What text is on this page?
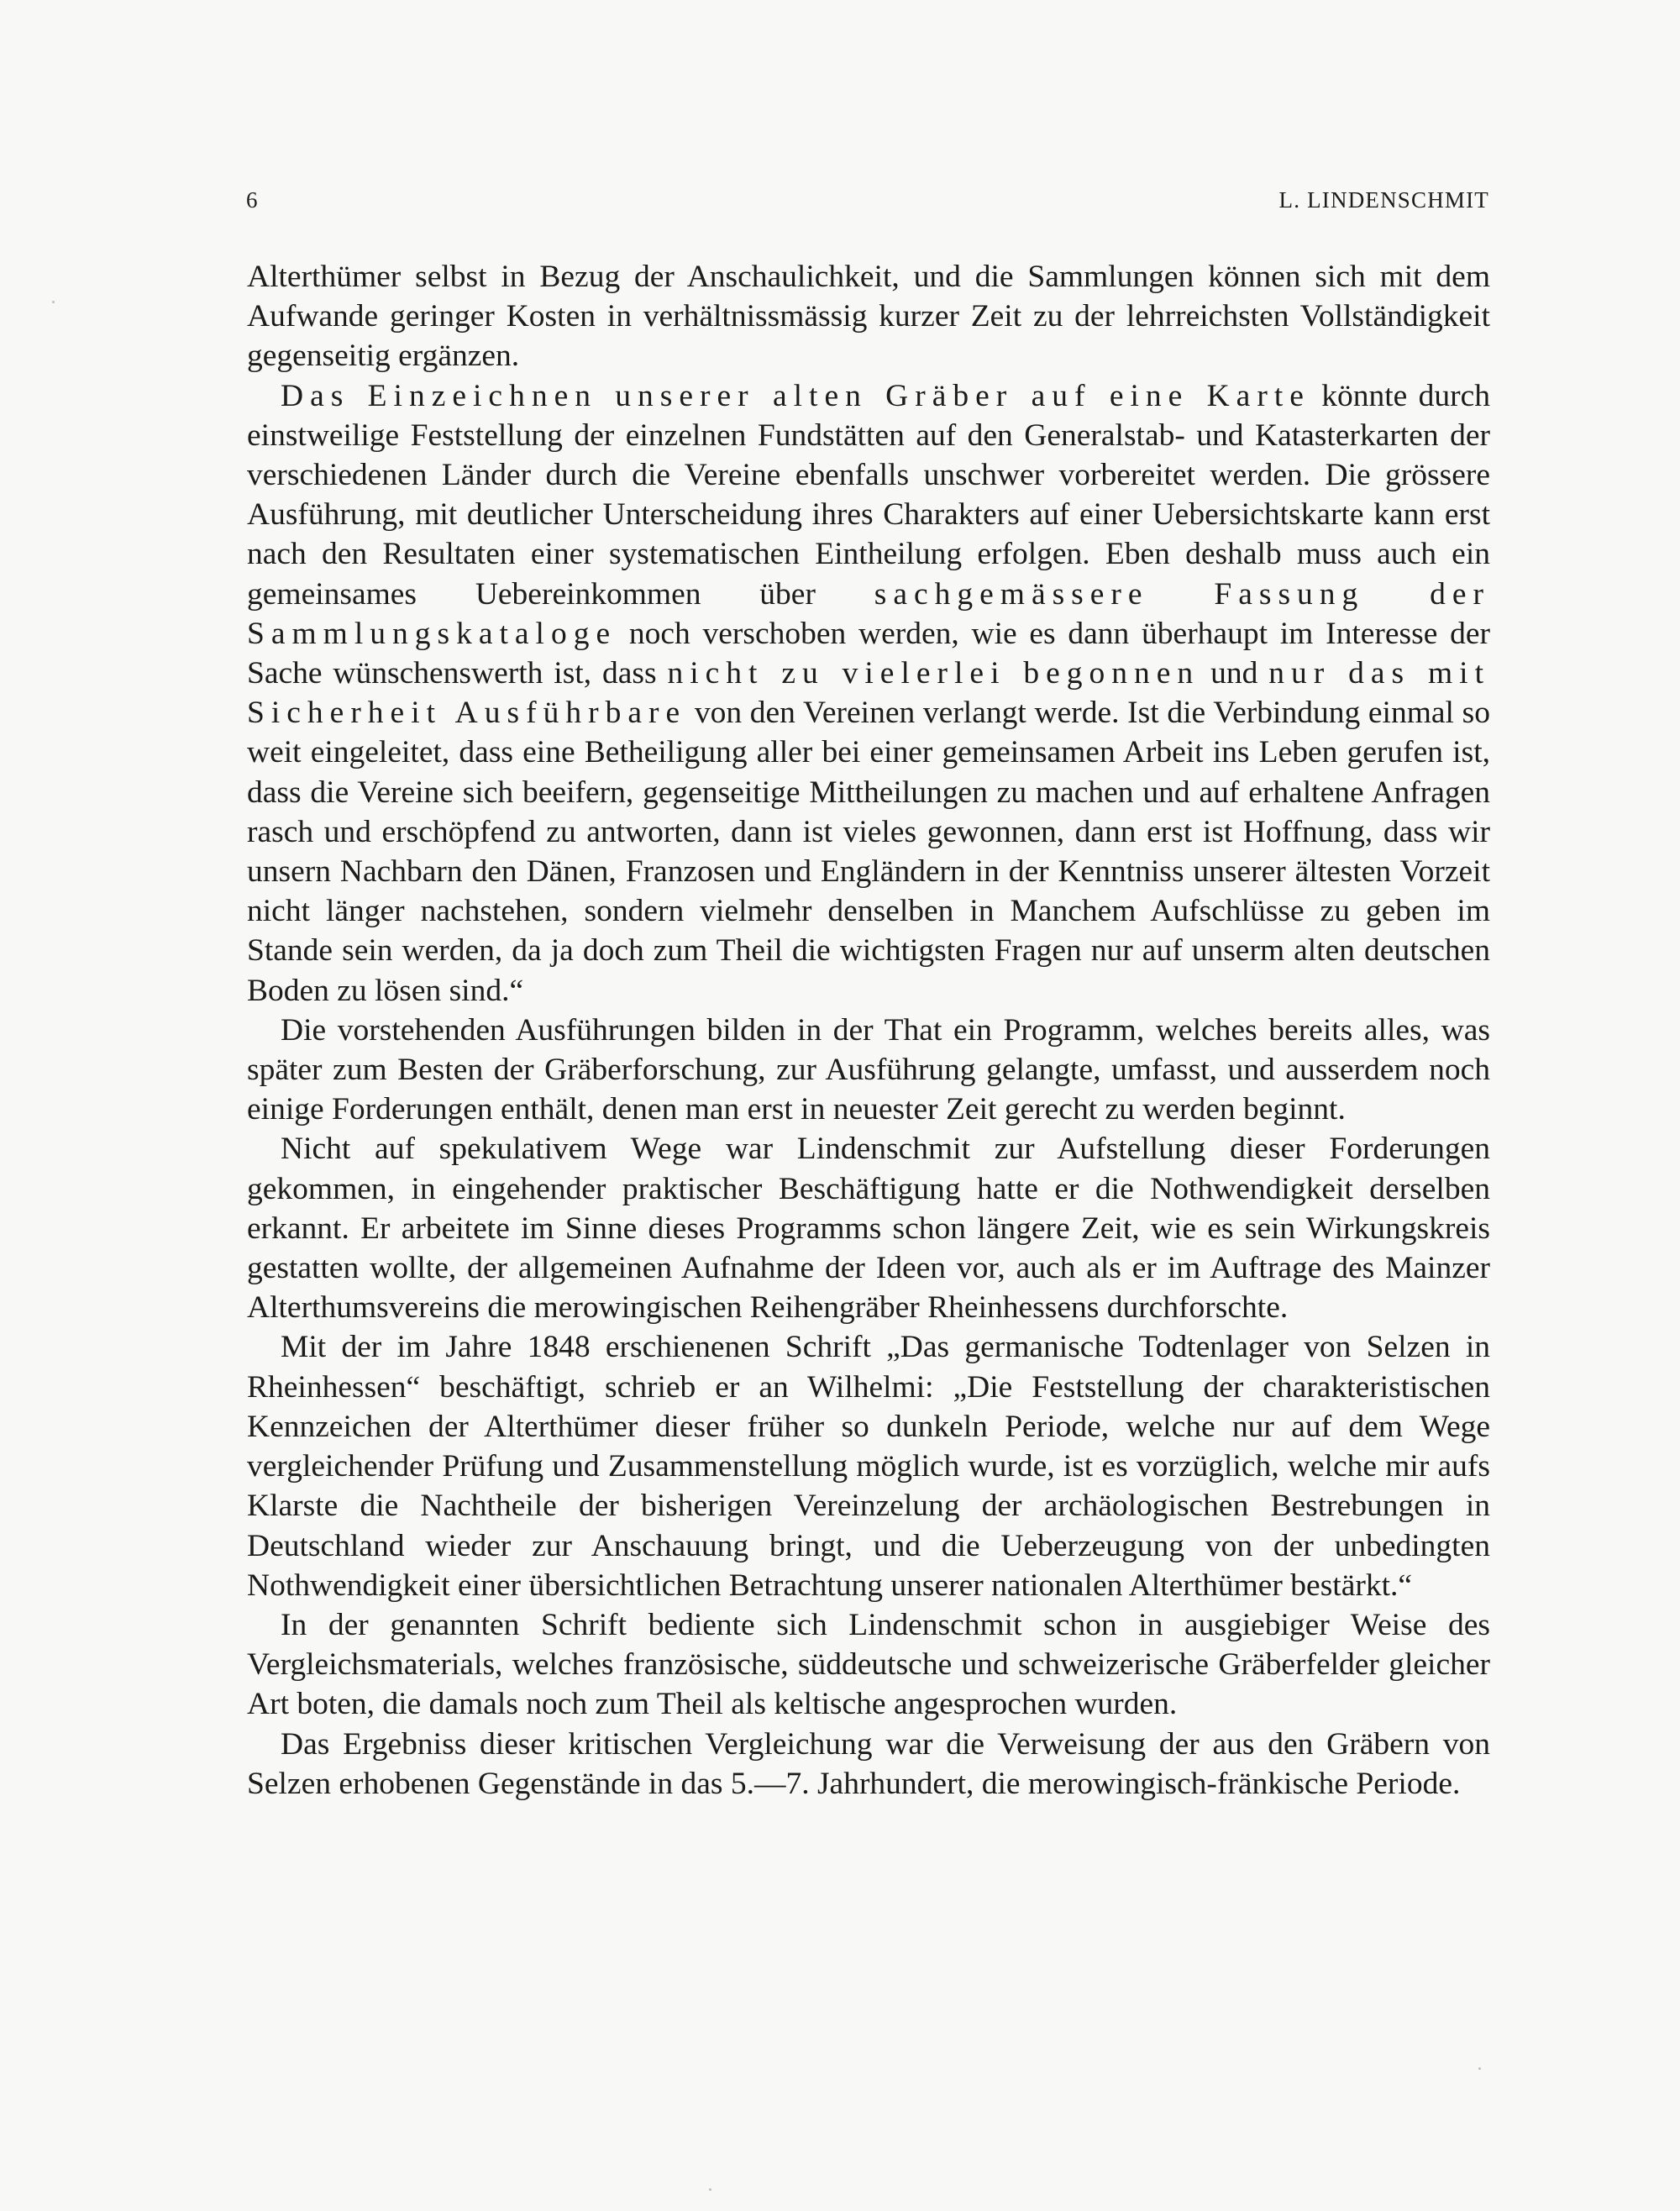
6	L. LINDENSCHMIT

Alterthümer selbst in Bezug der Anschaulichkeit, und die Sammlungen können sich mit dem Aufwande geringer Kosten in verhältnissmässig kurzer Zeit zu der lehrreichsten Vollständigkeit gegenseitig ergänzen.

Das Einzeichnen unserer alten Gräber auf eine Karte könnte durch einstweilige Feststellung der einzelnen Fundstätten auf den Generalstab- und Katasterkarten der verschiedenen Länder durch die Vereine ebenfalls unschwer vorbereitet werden. Die grössere Ausführung, mit deutlicher Unterscheidung ihres Charakters auf einer Uebersichtskarte kann erst nach den Resultaten einer systematischen Eintheilung erfolgen. Eben deshalb muss auch ein gemeinsames Uebereinkommen über sachgemässere Fassung der Sammlungskataloge noch verschoben werden, wie es dann überhaupt im Interesse der Sache wünschenswerth ist, dass nicht zu vielerlei begonnen und nur das mit Sicherheit Ausführbare von den Vereinen verlangt werde. Ist die Verbindung einmal so weit eingeleitet, dass eine Betheiligung aller bei einer gemeinsamen Arbeit ins Leben gerufen ist, dass die Vereine sich beeifern, gegenseitige Mittheilungen zu machen und auf erhaltene Anfragen rasch und erschöpfend zu antworten, dann ist vieles gewonnen, dann erst ist Hoffnung, dass wir unsern Nachbarn den Dänen, Franzosen und Engländern in der Kenntniss unserer ältesten Vorzeit nicht länger nachstehen, sondern vielmehr denselben in Manchem Aufschlüsse zu geben im Stande sein werden, da ja doch zum Theil die wichtigsten Fragen nur auf unserm alten deutschen Boden zu lösen sind.“

Die vorstehenden Ausführungen bilden in der That ein Programm, welches bereits alles, was später zum Besten der Gräberforschung, zur Ausführung gelangte, umfasst, und ausserdem noch einige Forderungen enthält, denen man erst in neuester Zeit gerecht zu werden beginnt.

Nicht auf spekulativem Wege war Lindenschmit zur Aufstellung dieser Forderungen gekommen, in eingehender praktischer Beschäftigung hatte er die Nothwendigkeit derselben erkannt. Er arbeitete im Sinne dieses Programms schon längere Zeit, wie es sein Wirkungskreis gestatten wollte, der allgemeinen Aufnahme der Ideen vor, auch als er im Auftrage des Mainzer Alterthumsvereins die merowingischen Reihengräber Rheinhessens durchforschte.

Mit der im Jahre 1848 erschienenen Schrift „Das germanische Todtenlager von Selzen in Rheinhessen“ beschäftigt, schrieb er an Wilhelmi: „Die Feststellung der charakteristischen Kennzeichen der Alterthümer dieser früher so dunkeln Periode, welche nur auf dem Wege vergleichender Prüfung und Zusammenstellung möglich wurde, ist es vorzüglich, welche mir aufs Klarste die Nachtheile der bisherigen Vereinzelung der archäologischen Bestrebungen in Deutschland wieder zur Anschauung bringt, und die Ueberzeugung von der unbedingten Nothwendigkeit einer übersichtlichen Betrachtung unserer nationalen Alterthümer bestärkt.“

In der genannten Schrift bediente sich Lindenschmit schon in ausgiebiger Weise des Vergleichsmaterials, welches französische, süddeutsche und schweizerische Gräberfelder gleicher Art boten, die damals noch zum Theil als keltische angesprochen wurden.

Das Ergebniss dieser kritischen Vergleichung war die Verweisung der aus den Gräbern von Selzen erhobenen Gegenstände in das 5.—7. Jahrhundert, die merowingisch-fränkische Periode.
